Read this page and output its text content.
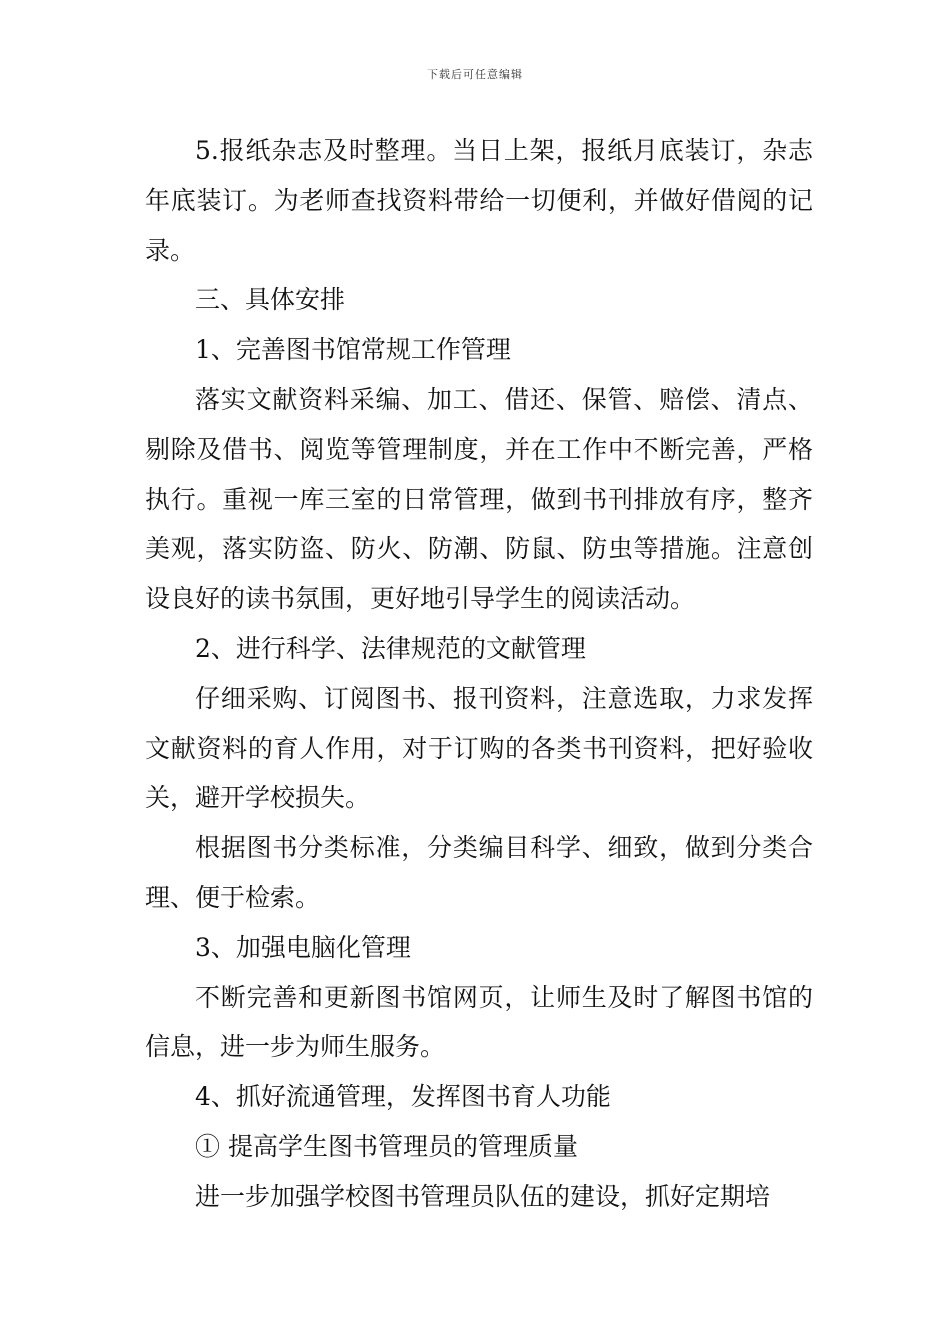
下载后可任意编辑

5.报纸杂志及时整理。当日上架，报纸月底装订，杂志年底装订。为老师查找资料带给一切便利，并做好借阅的记录。

三、具体安排

1、完善图书馆常规工作管理

落实文献资料采编、加工、借还、保管、赔偿、清点、剔除及借书、阅览等管理制度，并在工作中不断完善，严格执行。重视一库三室的日常管理，做到书刊排放有序，整齐美观，落实防盗、防火、防潮、防鼠、防虫等措施。注意创设良好的读书氛围，更好地引导学生的阅读活动。

2、进行科学、法律规范的文献管理

仔细采购、订阅图书、报刊资料，注意选取，力求发挥文献资料的育人作用，对于订购的各类书刊资料，把好验收关，避开学校损失。

根据图书分类标准，分类编目科学、细致，做到分类合理、便于检索。

3、加强电脑化管理

不断完善和更新图书馆网页，让师生及时了解图书馆的信息，进一步为师生服务。

4、抓好流通管理，发挥图书育人功能

① 提高学生图书管理员的管理质量

进一步加强学校图书管理员队伍的建设，抓好定期培
